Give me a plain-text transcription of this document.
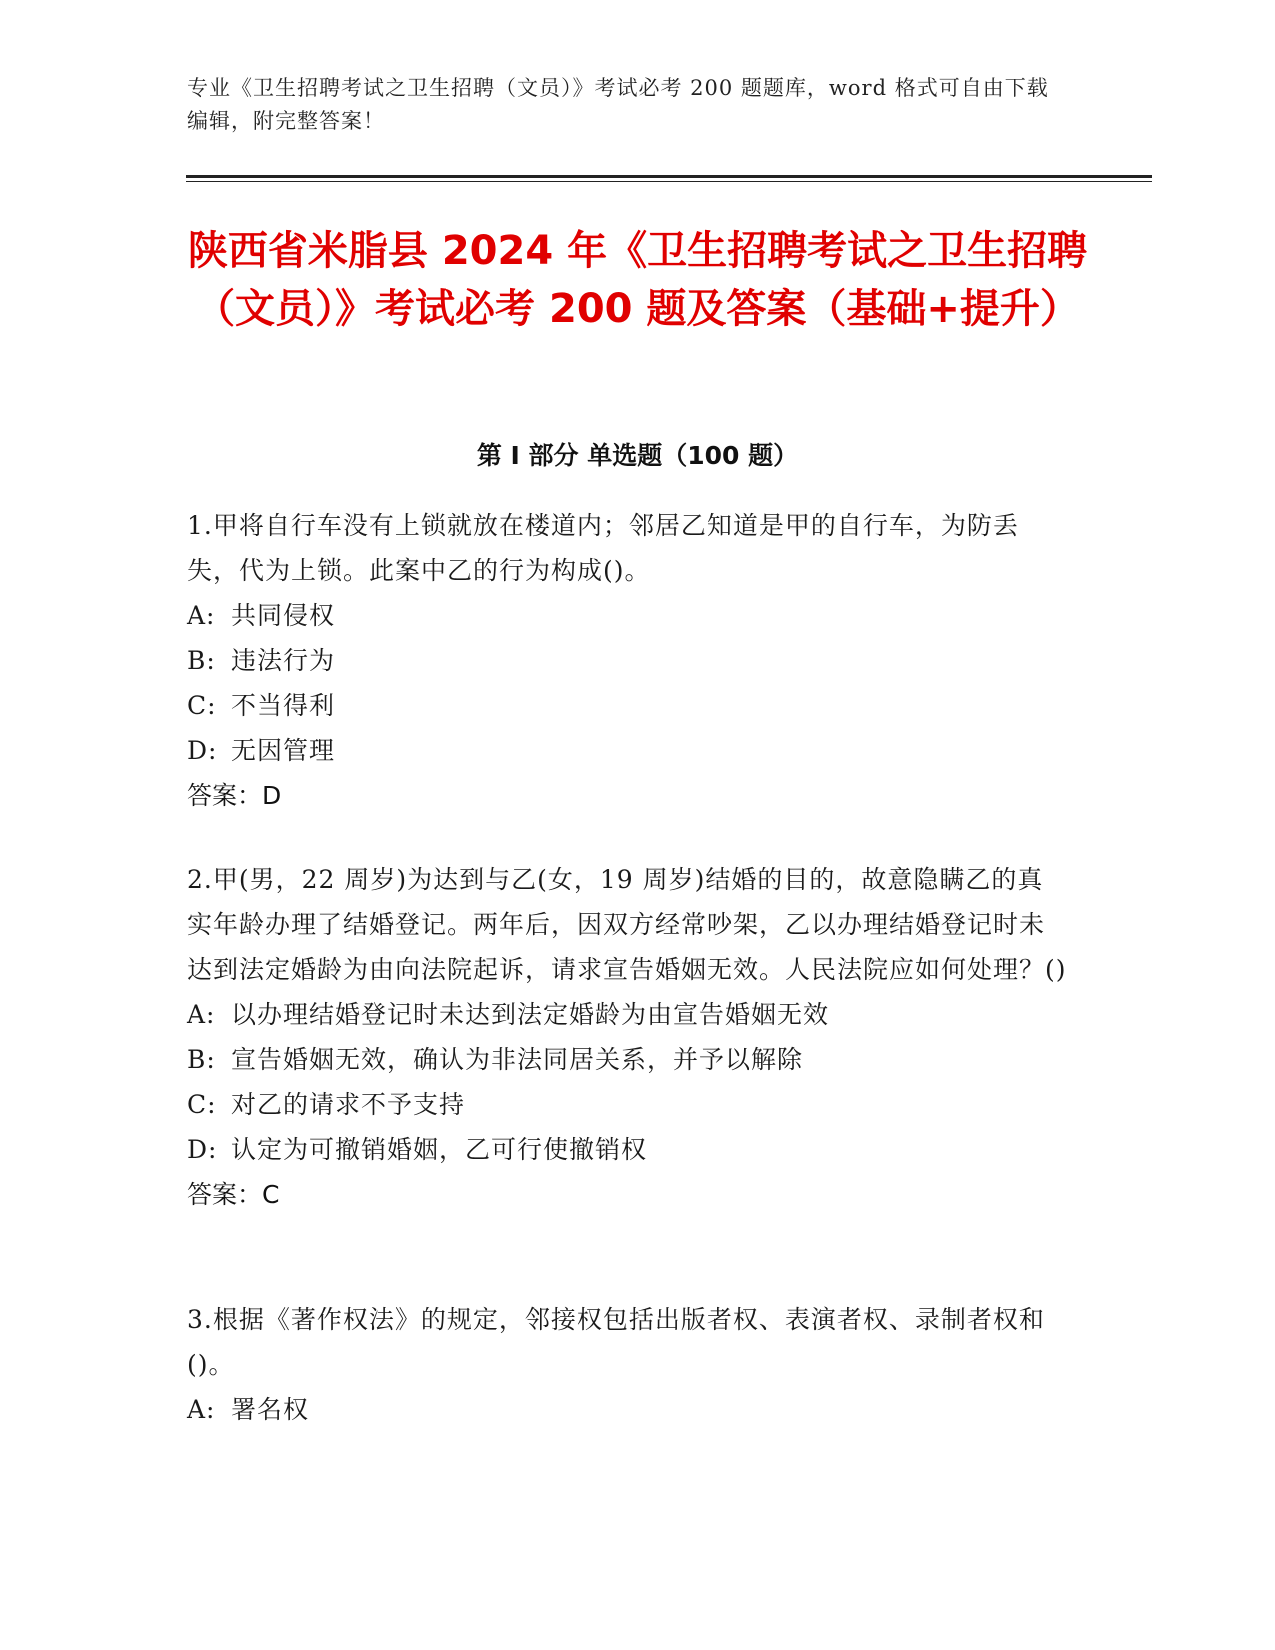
专业《卫生招聘考试之卫生招聘（文员）》考试必考 200 题题库，word 格式可自由下载编辑，附完整答案！
陕西省米脂县 2024 年《卫生招聘考试之卫生招聘（文员）》考试必考 200 题及答案（基础+提升）
第 I 部分 单选题（100 题）
1.甲将自行车没有上锁就放在楼道内；邻居乙知道是甲的自行车，为防丢失，代为上锁。此案中乙的行为构成()。
A: 共同侵权
B: 违法行为
C: 不当得利
D: 无因管理
答案：D
2.甲(男，22 周岁)为达到与乙(女，19 周岁)结婚的目的，故意隐瞒乙的真实年龄办理了结婚登记。两年后，因双方经常吵架，乙以办理结婚登记时未达到法定婚龄为由向法院起诉，请求宣告婚姻无效。人民法院应如何处理？()
A: 以办理结婚登记时未达到法定婚龄为由宣告婚姻无效
B: 宣告婚姻无效，确认为非法同居关系，并予以解除
C: 对乙的请求不予支持
D: 认定为可撤销婚姻，乙可行使撤销权
答案：C
3.根据《著作权法》的规定，邻接权包括出版者权、表演者权、录制者权和()。
A: 署名权
